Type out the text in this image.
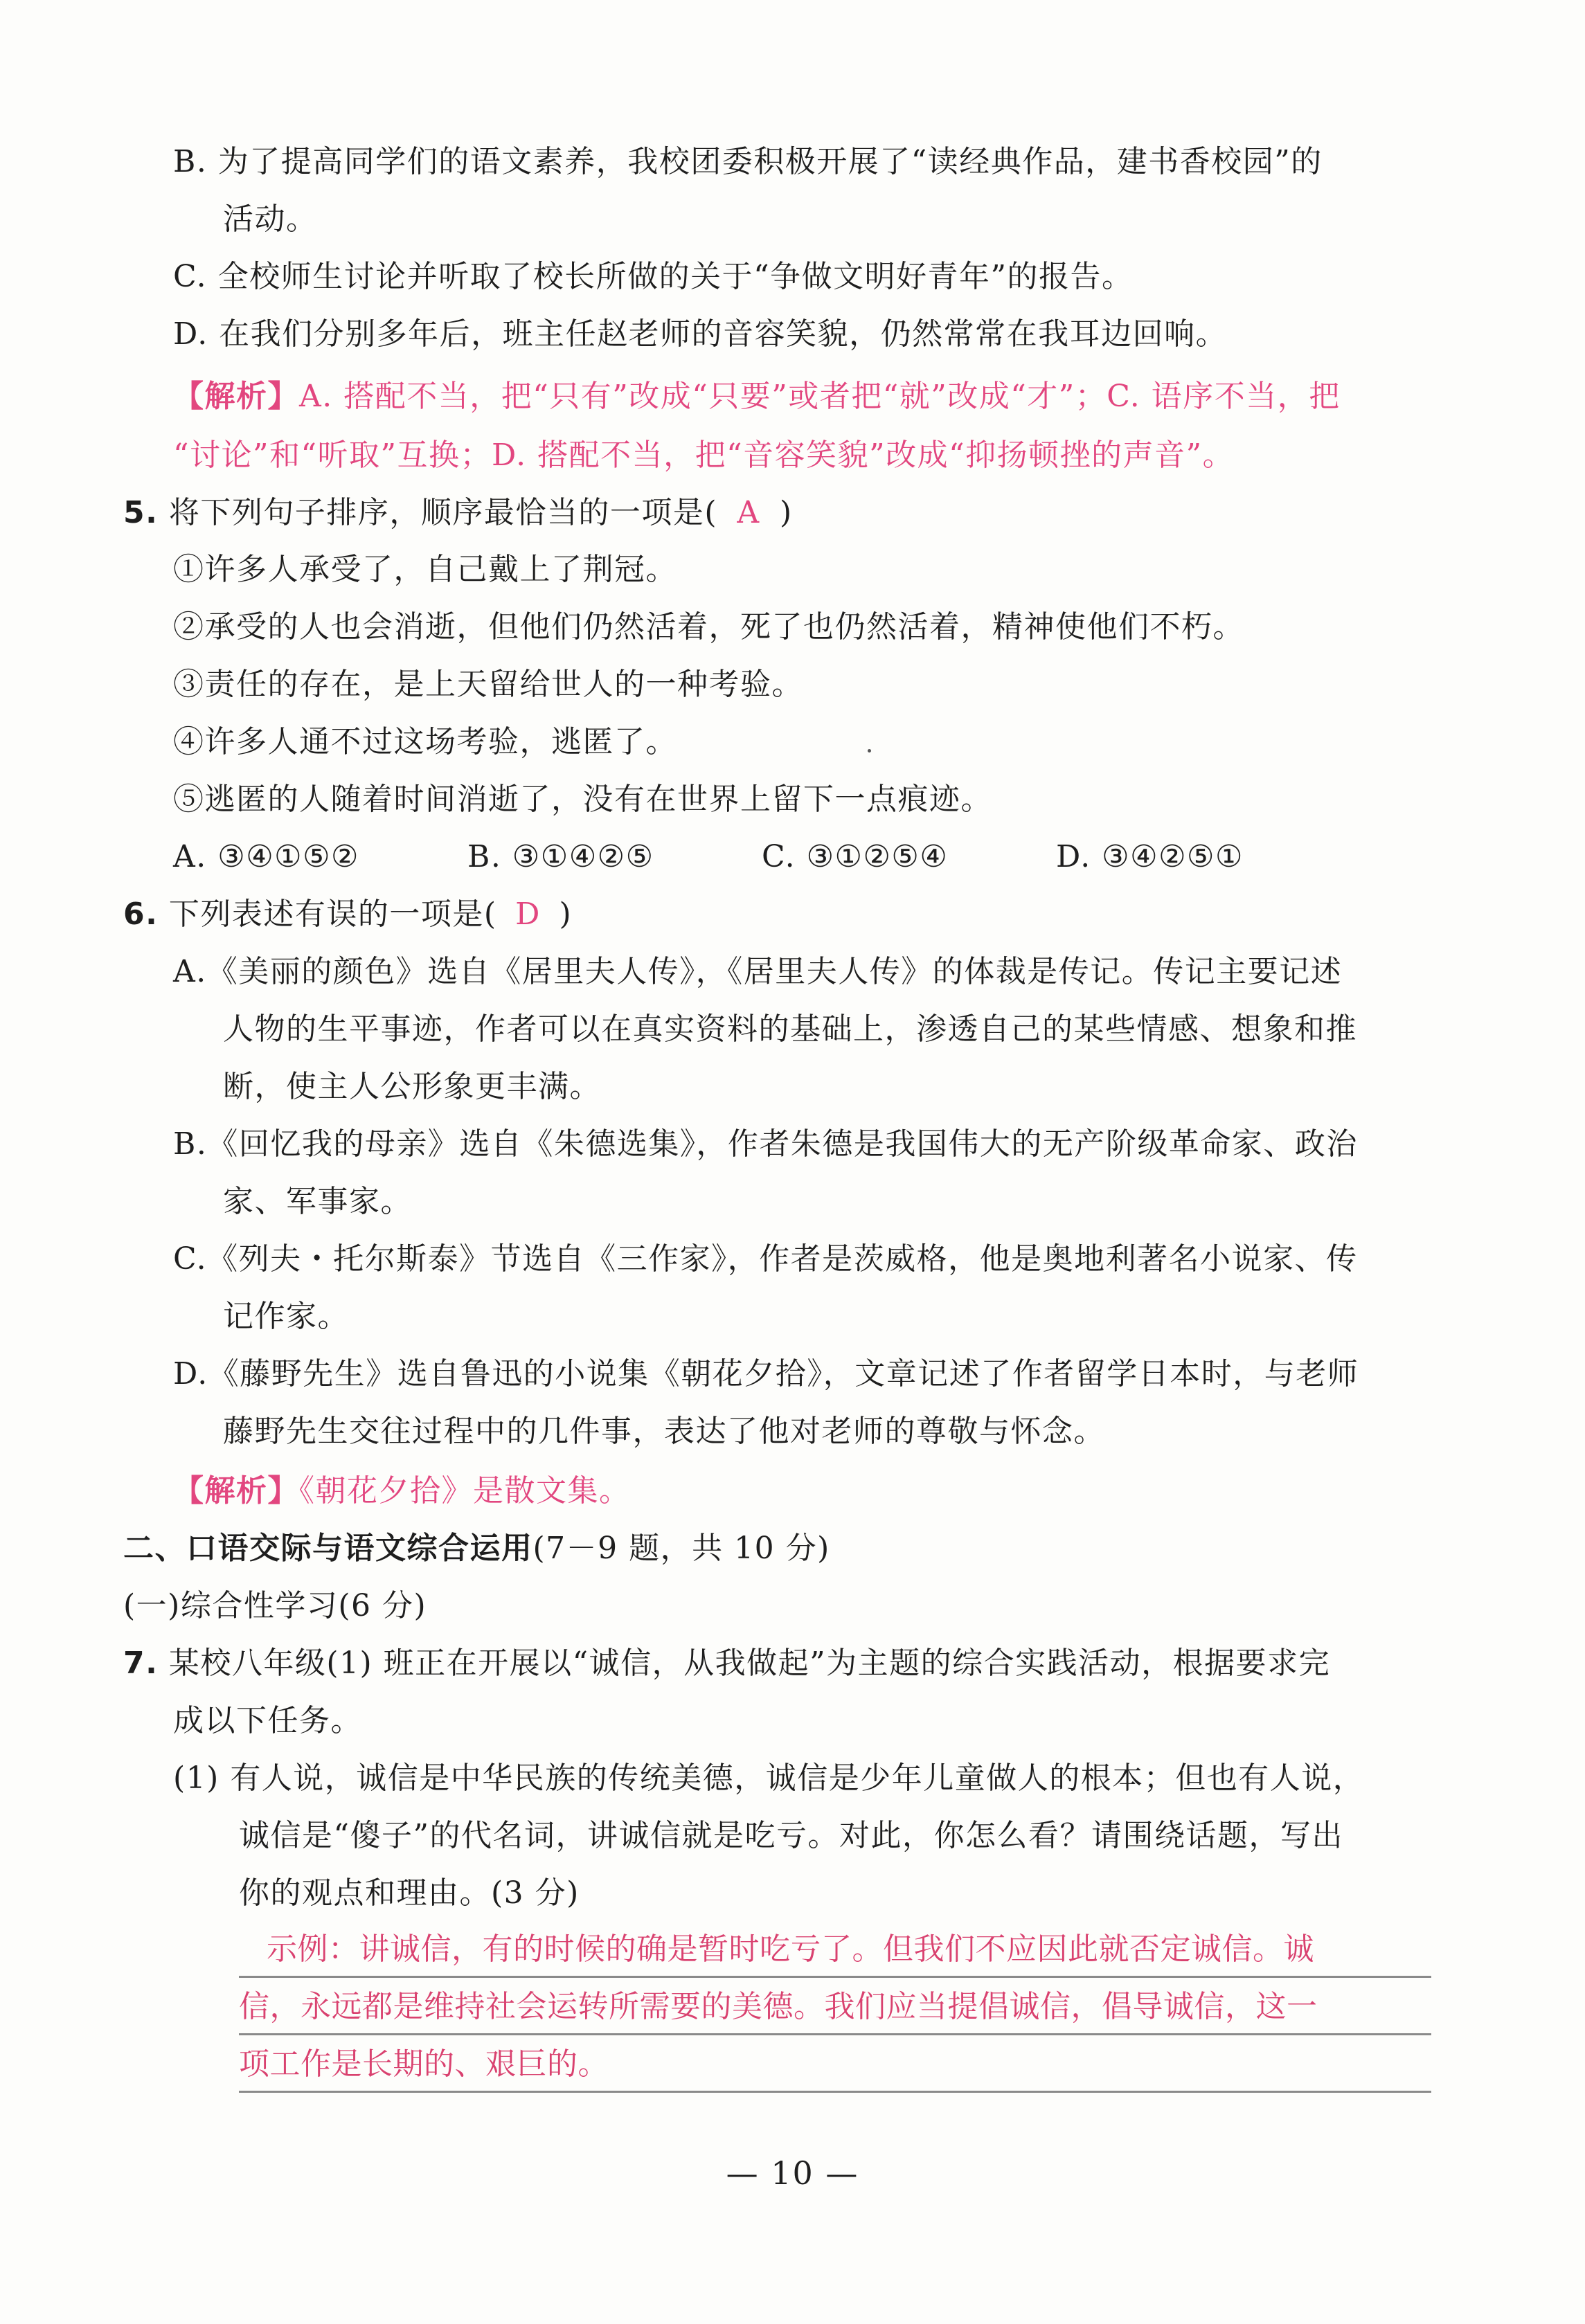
B. 为了提高同学们的语文素养，我校团委积极开展了“读经典作品，建书香校园”的
活动。
C. 全校师生讨论并听取了校长所做的关于“争做文明好青年”的报告。
D. 在我们分别多年后，班主任赵老师的音容笑貌，仍然常常在我耳边回响。
【解析】A. 搭配不当，把“只有”改成“只要”或者把“就”改成“才”；C. 语序不当，把
“讨论”和“听取”互换；D. 搭配不当，把“音容笑貌”改成“抑扬顿挫的声音”。
5. 将下列句子排序，顺序最恰当的一项是( A )
①许多人承受了，自己戴上了荆冠。
②承受的人也会消逝，但他们仍然活着，死了也仍然活着，精神使他们不朽。
③责任的存在，是上天留给世人的一种考验。
④许多人通不过这场考验，逃匿了。
⑤逃匿的人随着时间消逝了，没有在世界上留下一点痕迹。
A. ③④①⑤②	B. ③①④②⑤	C. ③①②⑤④	D. ③④②⑤①
6. 下列表述有误的一项是( D )
A.《美丽的颜色》选自《居里夫人传》，《居里夫人传》的体裁是传记。传记主要记述
人物的生平事迹，作者可以在真实资料的基础上，渗透自己的某些情感、想象和推
断，使主人公形象更丰满。
B.《回忆我的母亲》选自《朱德选集》，作者朱德是我国伟大的无产阶级革命家、政治
家、军事家。
C.《列夫・托尔斯泰》节选自《三作家》，作者是茨威格，他是奥地利著名小说家、传
记作家。
D.《藤野先生》选自鲁迅的小说集《朝花夕拾》，文章记述了作者留学日本时，与老师
藤野先生交往过程中的几件事，表达了他对老师的尊敬与怀念。
【解析】《朝花夕拾》是散文集。
二、口语交际与语文综合运用(7－9 题，共 10 分)
(一)综合性学习(6 分)
7. 某校八年级(1) 班正在开展以“诚信，从我做起”为主题的综合实践活动，根据要求完
成以下任务。
(1) 有人说，诚信是中华民族的传统美德，诚信是少年儿童做人的根本；但也有人说，
诚信是“傻子”的代名词，讲诚信就是吃亏。对此，你怎么看？请围绕话题，写出
你的观点和理由。(3 分)
示例：讲诚信，有的时候的确是暂时吃亏了。但我们不应因此就否定诚信。诚
信，永远都是维持社会运转所需要的美德。我们应当提倡诚信，倡导诚信，这一
项工作是长期的、艰巨的。
— 10 —
